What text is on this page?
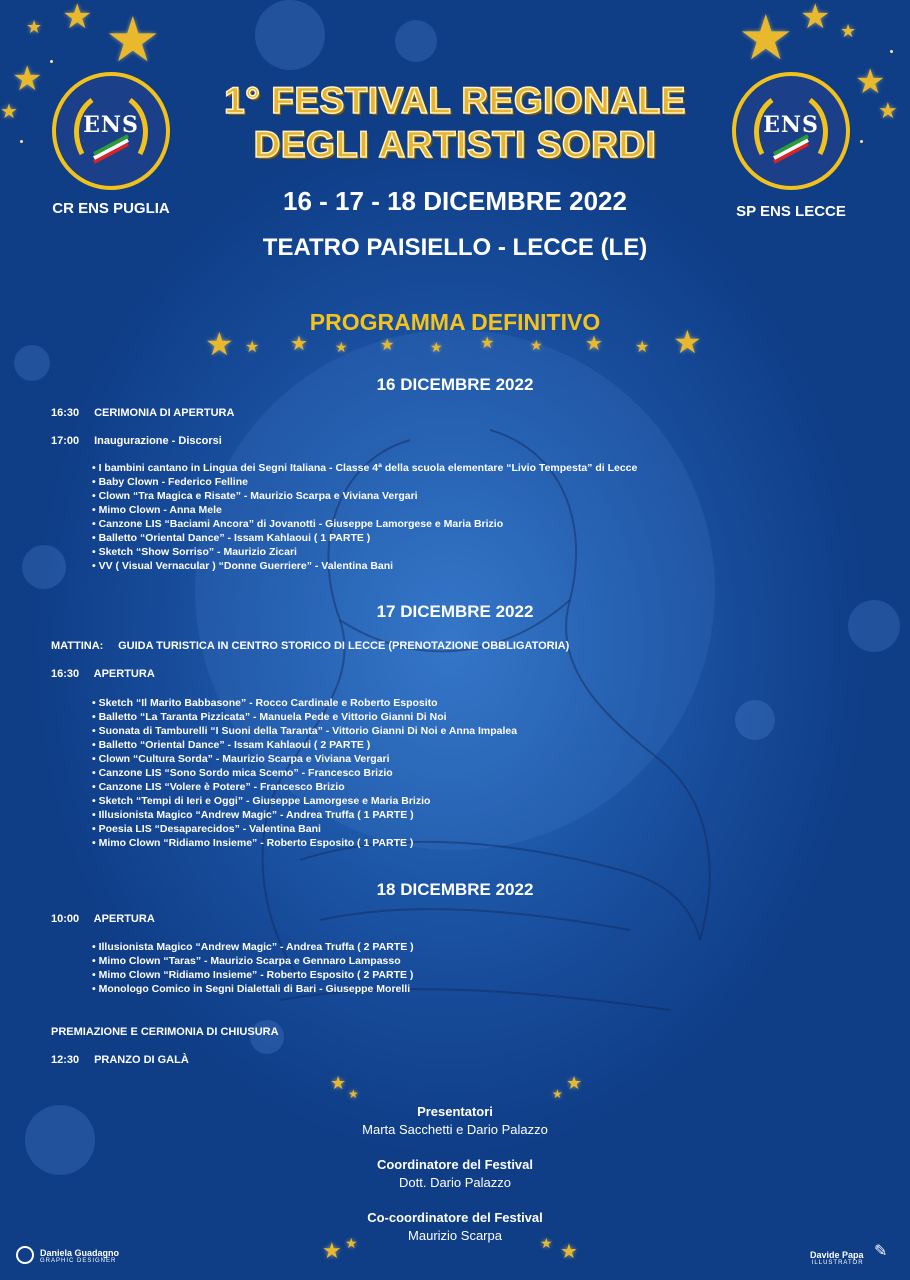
★
★
★
★
★
★ ★
★
★
★
ENS
CR ENS PUGLIA
ENS
SP ENS LECCE
1° FESTIVAL REGIONALE
DEGLI ARTISTI SORDI
16 - 17 - 18 DICEMBRE 2022
TEATRO PAISIELLO - LECCE (LE)
PROGRAMMA DEFINITIVO
★ ★ ★ ★ ★	★ ★	★ ★ ★ ★
16 DICEMBRE 2022
16:30 CERIMONIA DI APERTURA
17:00 Inaugurazione - Discorsi
• I bambini cantano in Lingua dei Segni Italiana - Classe 4ª della scuola elementare “Livio Tempesta” di Lecce
• Baby Clown - Federico Felline
• Clown “Tra Magica e Risate” - Maurizio Scarpa e Viviana Vergari
• Mimo Clown - Anna Mele
• Canzone LIS “Baciami Ancora” di Jovanotti - Giuseppe Lamorgese e Maria Brizio
• Balletto “Oriental Dance” - Issam Kahlaoui ( 1 PARTE )
• Sketch “Show Sorriso” - Maurizio Zicari
• VV ( Visual Vernacular ) “Donne Guerriere” - Valentina Bani
17 DICEMBRE 2022
MATTINA: GUIDA TURISTICA IN CENTRO STORICO DI LECCE (PRENOTAZIONE OBBLIGATORIA)
16:30 APERTURA
• Sketch “Il Marito Babbasone” - Rocco Cardinale e Roberto Esposito
• Balletto “La Taranta Pizzicata” - Manuela Pede e Vittorio Gianni Di Noi
• Suonata di Tamburelli “I Suoni della Taranta” - Vittorio Gianni Di Noi e Anna Impalea
• Balletto “Oriental Dance” - Issam Kahlaoui ( 2 PARTE )
• Clown “Cultura Sorda” - Maurizio Scarpa e Viviana Vergari
• Canzone LIS “Sono Sordo mica Scemo” - Francesco Brizio
• Canzone LIS “Volere è Potere” - Francesco Brizio
• Sketch “Tempi di Ieri e Oggi” - Giuseppe Lamorgese e Maria Brizio
• Illusionista Magico “Andrew Magic” - Andrea Truffa ( 1 PARTE )
• Poesia LIS “Desaparecidos” - Valentina Bani
• Mimo Clown “Ridiamo Insieme” - Roberto Esposito ( 1 PARTE )
18 DICEMBRE 2022
10:00 APERTURA
• Illusionista Magico “Andrew Magic” - Andrea Truffa ( 2 PARTE )
• Mimo Clown “Taras” - Maurizio Scarpa e Gennaro Lampasso
• Mimo Clown “Ridiamo Insieme” - Roberto Esposito ( 2 PARTE )
• Monologo Comico in Segni Dialettali di Bari - Giuseppe Morelli
PREMIAZIONE E CERIMONIA DI CHIUSURA
12:30 PRANZO DI GALÀ
★
★
★
★
★ ★	★
★
Presentatori
Marta Sacchetti e Dario Palazzo
Coordinatore del Festival
Dott. Dario Palazzo
Co-coordinatore del Festival
Maurizio Scarpa
Daniela Guadagno
GRAPHIC DESIGNER
Davide Papa
ILLUSTRATOR
✎
